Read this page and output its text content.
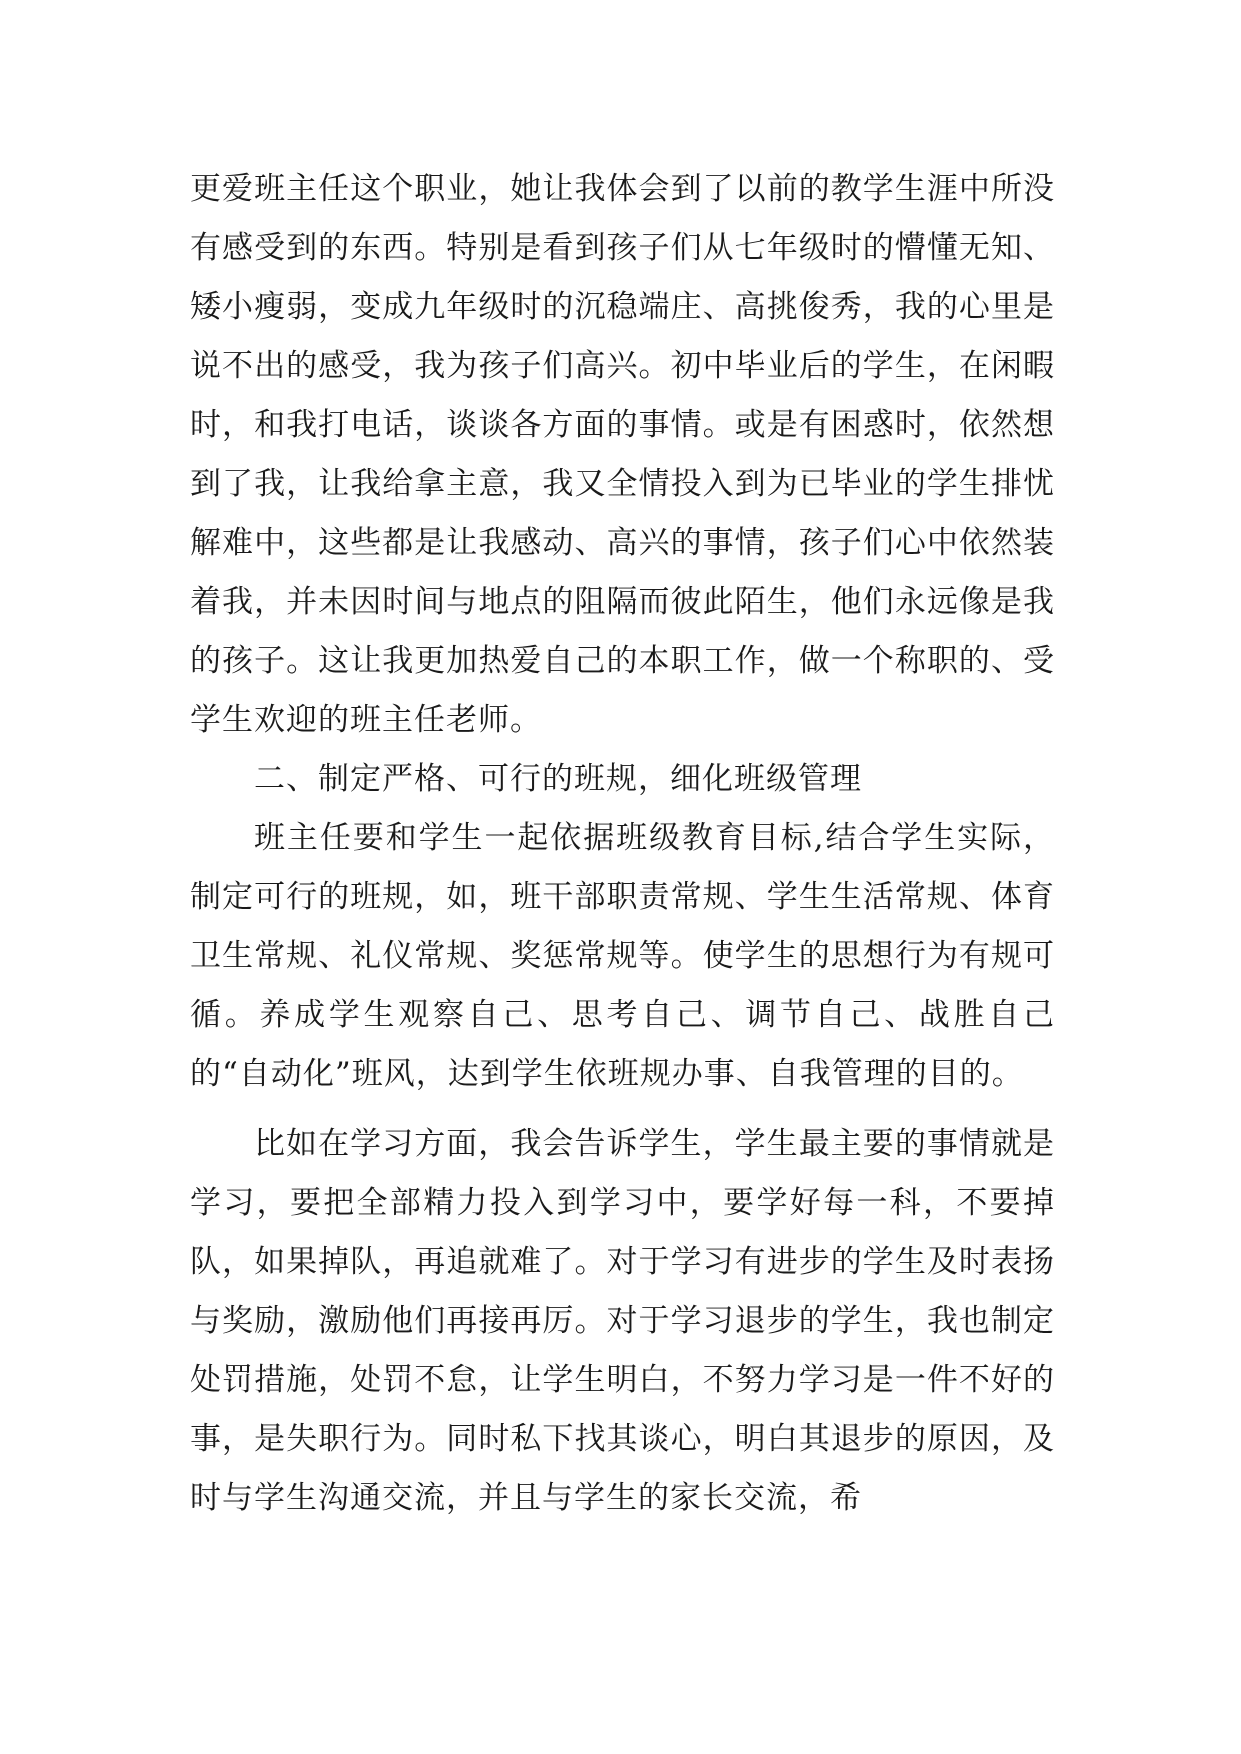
更爱班主任这个职业，她让我体会到了以前的教学生涯中所没有感受到的东西。特别是看到孩子们从七年级时的懵懂无知、矮小瘦弱，变成九年级时的沉稳端庄、高挑俊秀，我的心里是说不出的感受，我为孩子们高兴。初中毕业后的学生，在闲暇时，和我打电话，谈谈各方面的事情。或是有困惑时，依然想到了我，让我给拿主意，我又全情投入到为已毕业的学生排忧解难中，这些都是让我感动、高兴的事情，孩子们心中依然装着我，并未因时间与地点的阻隔而彼此陌生，他们永远像是我的孩子。这让我更加热爱自己的本职工作，做一个称职的、受学生欢迎的班主任老师。

二、制定严格、可行的班规，细化班级管理

班主任要和学生一起依据班级教育目标,结合学生实际，制定可行的班规，如，班干部职责常规、学生生活常规、体育卫生常规、礼仪常规、奖惩常规等。使学生的思想行为有规可循。养成学生观察自己、思考自己、调节自己、战胜自己的“自动化”班风，达到学生依班规办事、自我管理的目的。

比如在学习方面，我会告诉学生，学生最主要的事情就是学习，要把全部精力投入到学习中，要学好每一科，不要掉队，如果掉队，再追就难了。对于学习有进步的学生及时表扬与奖励，激励他们再接再厉。对于学习退步的学生，我也制定处罚措施，处罚不怠，让学生明白，不努力学习是一件不好的事，是失职行为。同时私下找其谈心，明白其退步的原因，及时与学生沟通交流，并且与学生的家长交流，希
